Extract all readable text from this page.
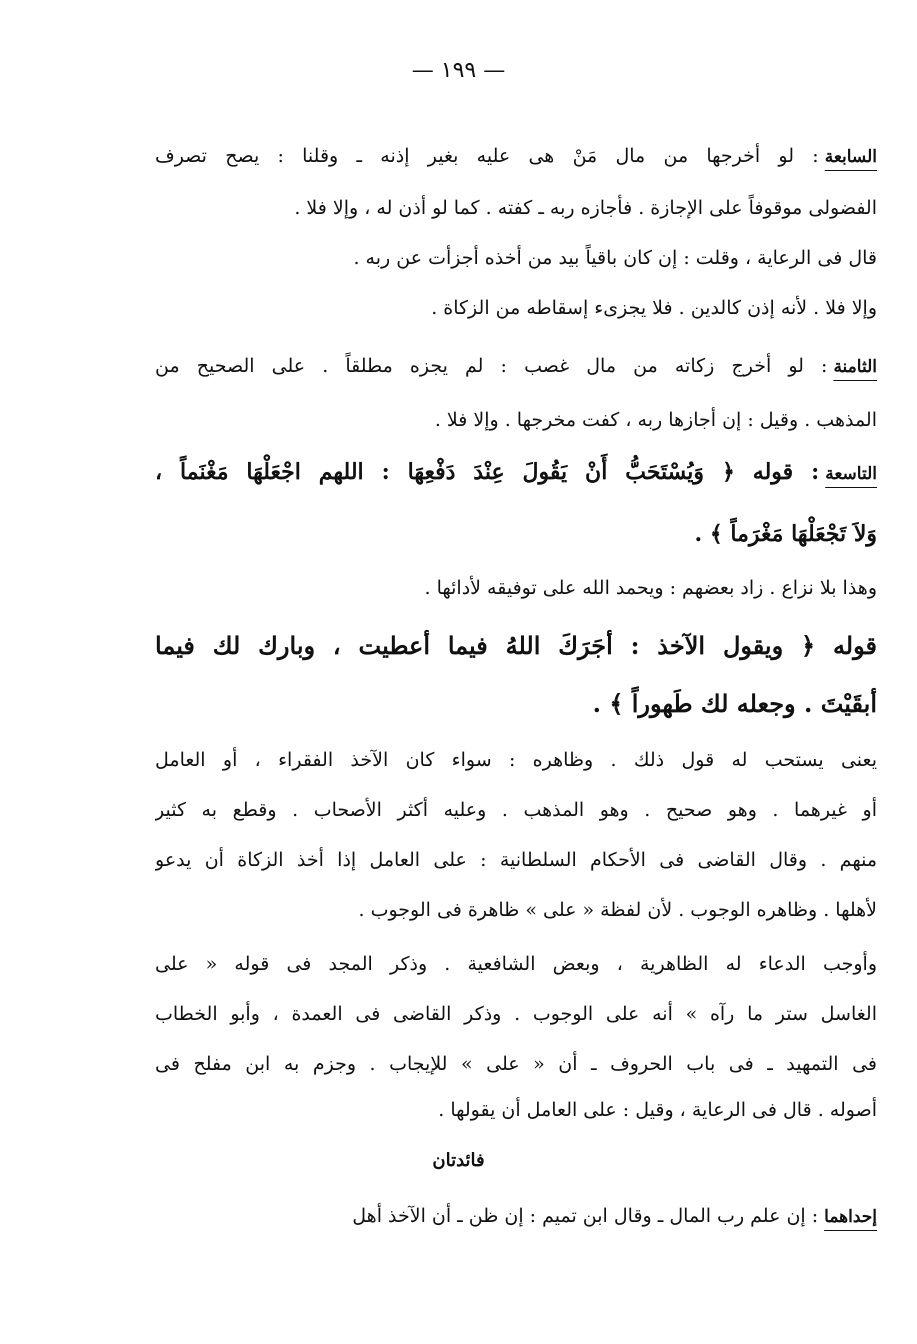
— ١٩٩ —
السابعة: لو أخرجها من مال مَنْ هى عليه بغير إذنه ـ وقلنا : يصح تصرف
الفضولى موقوفاً على الإجازة . فأجازه ربه ـ كفته . كما لو أذن له ، وإلا فلا .
قال فى الرعاية ، وقلت : إن كان باقياً بيد من أخذه أجزأت عن ربه .
وإلا فلا . لأنه إذن كالدين . فلا يجزىء إسقاطه من الزكاة .
الثامنة: لو أخرج زكاته من مال غصب : لم يجزه مطلقاً . على الصحيح من
المذهب . وقيل : إن أجازها ربه ، كفت مخرجها . وإلا فلا .
التاسعة: قوله ﴿ وَيُسْتَحَبُّ أَنْ يَقُولَ عِنْدَ دَفْعِهَا : اللهم اجْعَلْهَا مَغْنَماً ،
وَلاَ تَجْعَلْهَا مَغْرَماً ﴾ .
وهذا بلا نزاع . زاد بعضهم : ويحمد الله على توفيقه لأدائها .
قوله ﴿ ويقول الآخذ : أجَرَكَ اللهُ فيما أعطيت ، وبارك لك فيما
أبقَيْتَ . وجعله لك طَهوراً ﴾ .
يعنى يستحب له قول ذلك . وظاهره : سواء كان الآخذ الفقراء ، أو العامل
أو غيرهما . وهو صحيح . وهو المذهب . وعليه أكثر الأصحاب . وقطع به كثير
منهم . وقال القاضى فى الأحكام السلطانية : على العامل إذا أخذ الزكاة أن يدعو
لأهلها . وظاهره الوجوب . لأن لفظة « على » ظاهرة فى الوجوب .
وأوجب الدعاء له الظاهرية ، وبعض الشافعية . وذكر المجد فى قوله « على
الغاسل ستر ما رآه » أنه على الوجوب . وذكر القاضى فى العمدة ، وأبو الخطاب
فى التمهيد ـ فى باب الحروف ـ أن « على » للإيجاب . وجزم به ابن مفلح فى
أصوله . قال فى الرعاية ، وقيل : على العامل أن يقولها .
فائدتان
إحداهما: إن علم رب المال ـ وقال ابن تميم : إن ظن ـ أن الآخذ أهل
